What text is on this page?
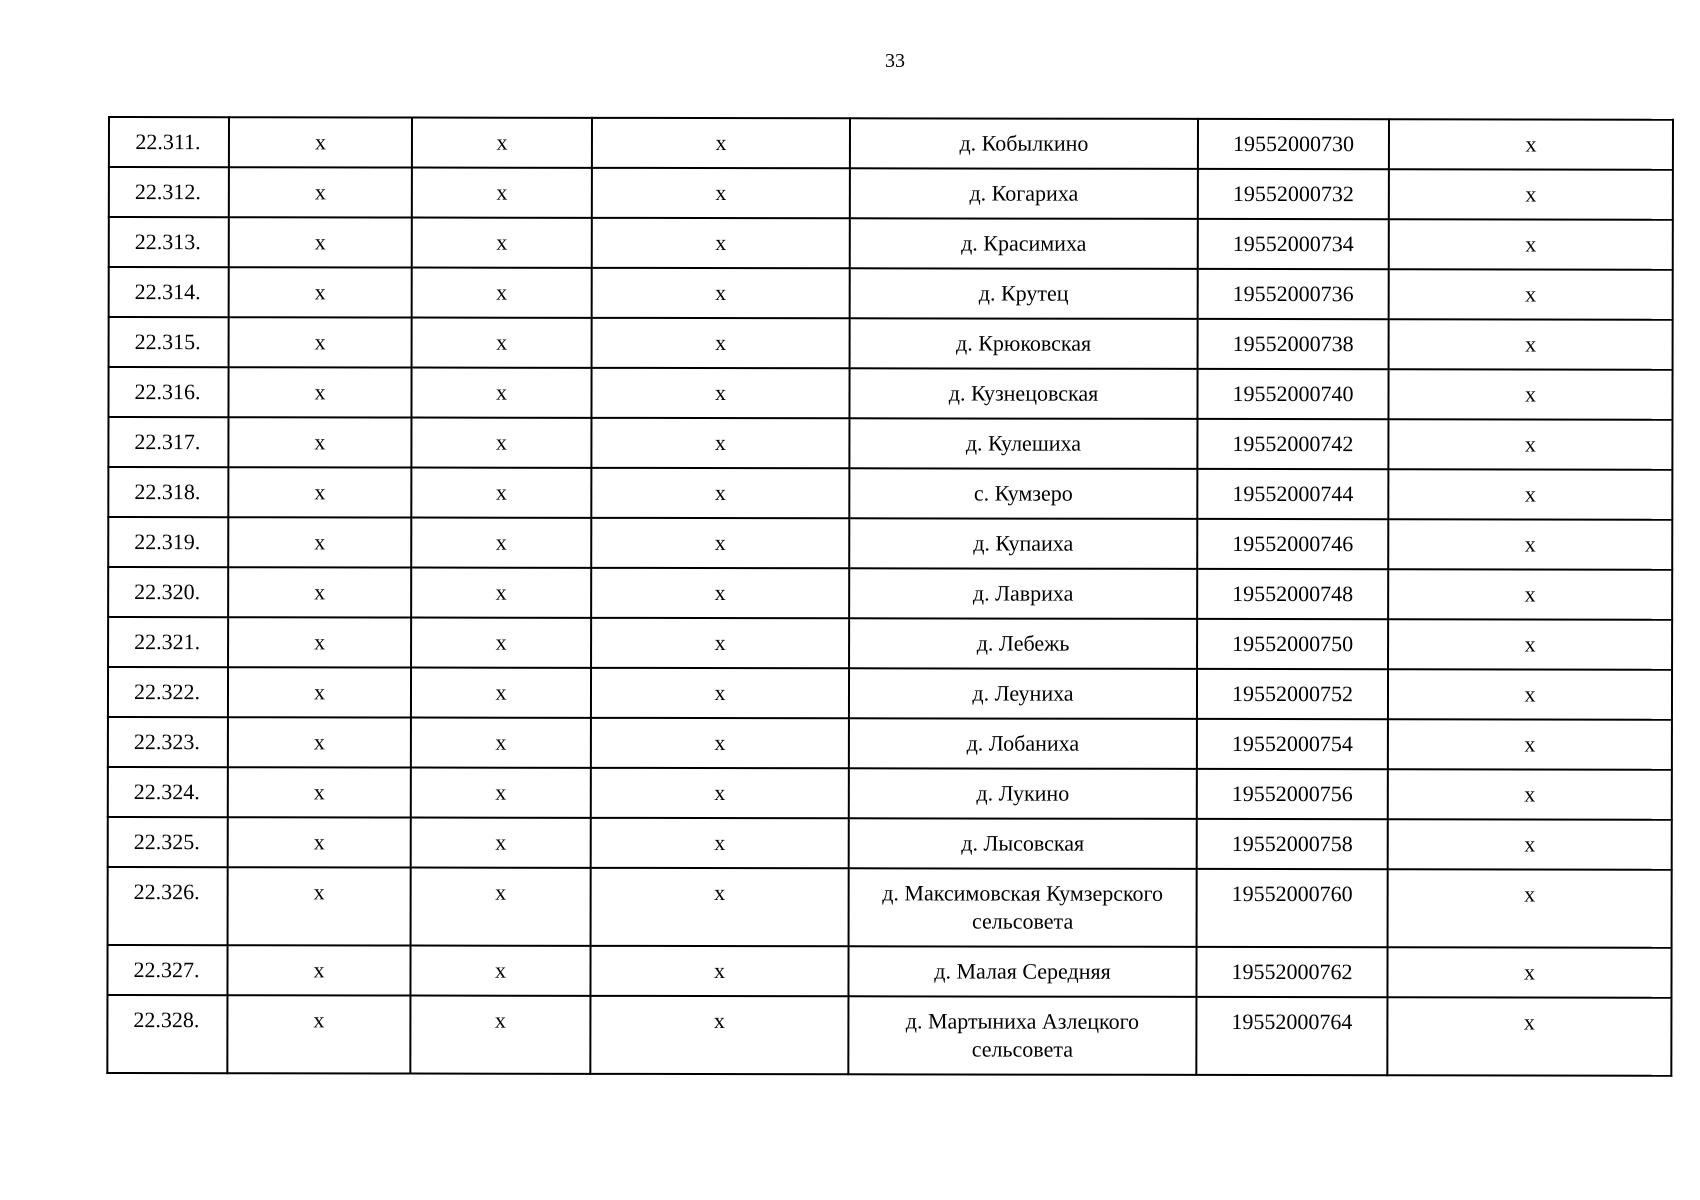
33
22.311.	х	х	х	д. Кобылкино	19552000730	х
22.312.	х	х	х	д. Когариха	19552000732	х
22.313.	х	х	х	д. Красимиха	19552000734	х
22.314.	х	х	х	д. Крутец	19552000736	х
22.315.	х	х	х	д. Крюковская	19552000738	х
22.316.	х	х	х	д. Кузнецовская	19552000740	х
22.317.	х	х	х	д. Кулешиха	19552000742	х
22.318.	х	х	х	с. Кумзеро	19552000744	х
22.319.	х	х	х	д. Купаиха	19552000746	х
22.320.	х	х	х	д. Лавриха	19552000748	х
22.321.	х	х	х	д. Лебежь	19552000750	х
22.322.	х	х	х	д. Леуниха	19552000752	х
22.323.	х	х	х	д. Лобаниха	19552000754	х
22.324.	х	х	х	д. Лукино	19552000756	х
22.325.	х	х	х	д. Лысовская	19552000758	х
22.326.	х	х	х	д. Максимовская Кумзерского сельсовета	19552000760	х
22.327.	х	х	х	д. Малая Середняя	19552000762	х
22.328.	х	х	х	д. Мартыниха Азлецкого сельсовета	19552000764	х
